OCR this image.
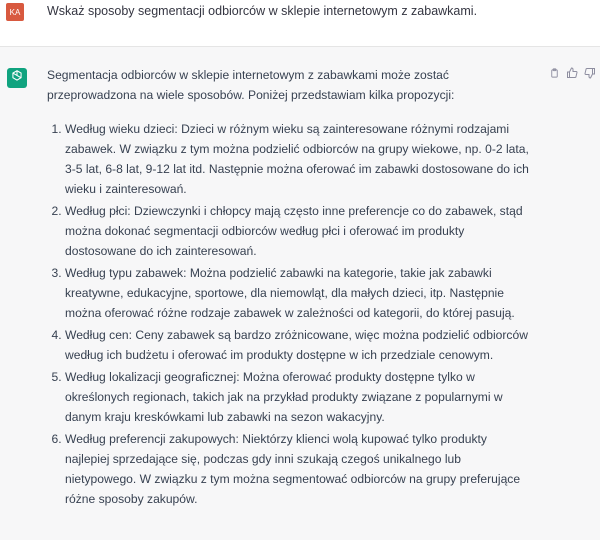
KA Wskaż sposoby segmentacji odbiorców w sklepie internetowym z zabawkami.

Segmentacja odbiorców w sklepie internetowym z zabawkami może zostać przeprowadzona na wiele sposobów. Poniżej przedstawiam kilka propozycji:

1. Według wieku dzieci: Dzieci w różnym wieku są zainteresowane różnymi rodzajami zabawek. W związku z tym można podzielić odbiorców na grupy wiekowe, np. 0-2 lata, 3-5 lat, 6-8 lat, 9-12 lat itd. Następnie można oferować im zabawki dostosowane do ich wieku i zainteresowań.
2. Według płci: Dziewczynki i chłopcy mają często inne preferencje co do zabawek, stąd można dokonać segmentacji odbiorców według płci i oferować im produkty dostosowane do ich zainteresowań.
3. Według typu zabawek: Można podzielić zabawki na kategorie, takie jak zabawki kreatywne, edukacyjne, sportowe, dla niemowląt, dla małych dzieci, itp. Następnie można oferować różne rodzaje zabawek w zależności od kategorii, do której pasują.
4. Według cen: Ceny zabawek są bardzo zróżnicowane, więc można podzielić odbiorców według ich budżetu i oferować im produkty dostępne w ich przedziale cenowym.
5. Według lokalizacji geograficznej: Można oferować produkty dostępne tylko w określonych regionach, takich jak na przykład produkty związane z popularnymi w danym kraju kreskówkami lub zabawki na sezon wakacyjny.
6. Według preferencji zakupowych: Niektórzy klienci wolą kupować tylko produkty najlepiej sprzedające się, podczas gdy inni szukają czegoś unikalnego lub nietypowego. W związku z tym można segmentować odbiorców na grupy preferujące różne sposoby zakupów.
